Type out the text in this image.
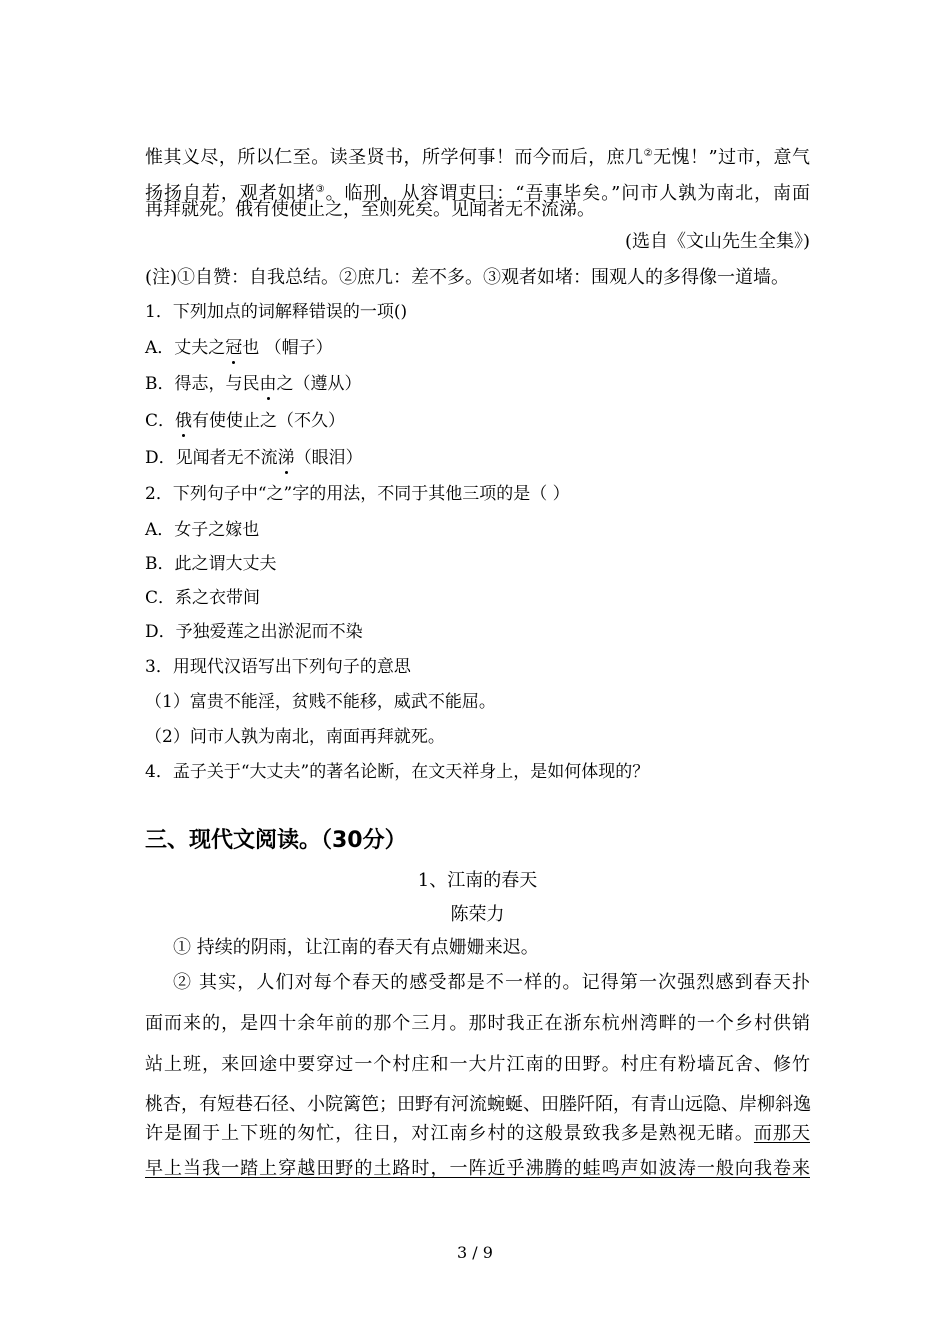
惟其义尽，所以仁至。读圣贤书，所学何事！而今而后，庶几②无愧！”过市，意气
扬扬自若，观者如堵③。临刑，从容谓吏曰：“吾事毕矣。”问市人孰为南北，南面
再拜就死。俄有使使止之，至则死矣。见闻者无不流涕。
(选自《文山先生全集》)
(注)①自赞：自我总结。②庶几：差不多。③观者如堵：围观人的多得像一道墙。
1．下列加点的词解释错误的一项()
A．丈夫之冠也 （帽子）
B．得志，与民由之（遵从）
C．俄有使使止之（不久）
D．见闻者无不流涕（眼泪）
2．下列句子中“之”字的用法，不同于其他三项的是（ ）
A．女子之嫁也
B．此之谓大丈夫
C．系之衣带间
D．予独爱莲之出淤泥而不染
3．用现代汉语写出下列句子的意思
（1）富贵不能淫，贫贱不能移，威武不能屈。
（2）问市人孰为南北，南面再拜就死。
4．孟子关于“大丈夫”的著名论断，在文天祥身上，是如何体现的？
三、现代文阅读。（30分）
1、江南的春天
陈荣力
① 持续的阴雨，让江南的春天有点姗姗来迟。
② 其实，人们对每个春天的感受都是不一样的。记得第一次强烈感到春天扑
面而来的，是四十余年前的那个三月。那时我正在浙东杭州湾畔的一个乡村供销
站上班，来回途中要穿过一个村庄和一大片江南的田野。村庄有粉墙瓦舍、修竹
桃杏，有短巷石径、小院篱笆；田野有河流蜿蜒、田塍阡陌，有青山远隐、岸柳斜逸
许是囿于上下班的匆忙，往日，对江南乡村的这般景致我多是熟视无睹。而那天
早上当我一踏上穿越田野的土路时，一阵近乎沸腾的蛙鸣声如波涛一般向我卷来
3 / 9
